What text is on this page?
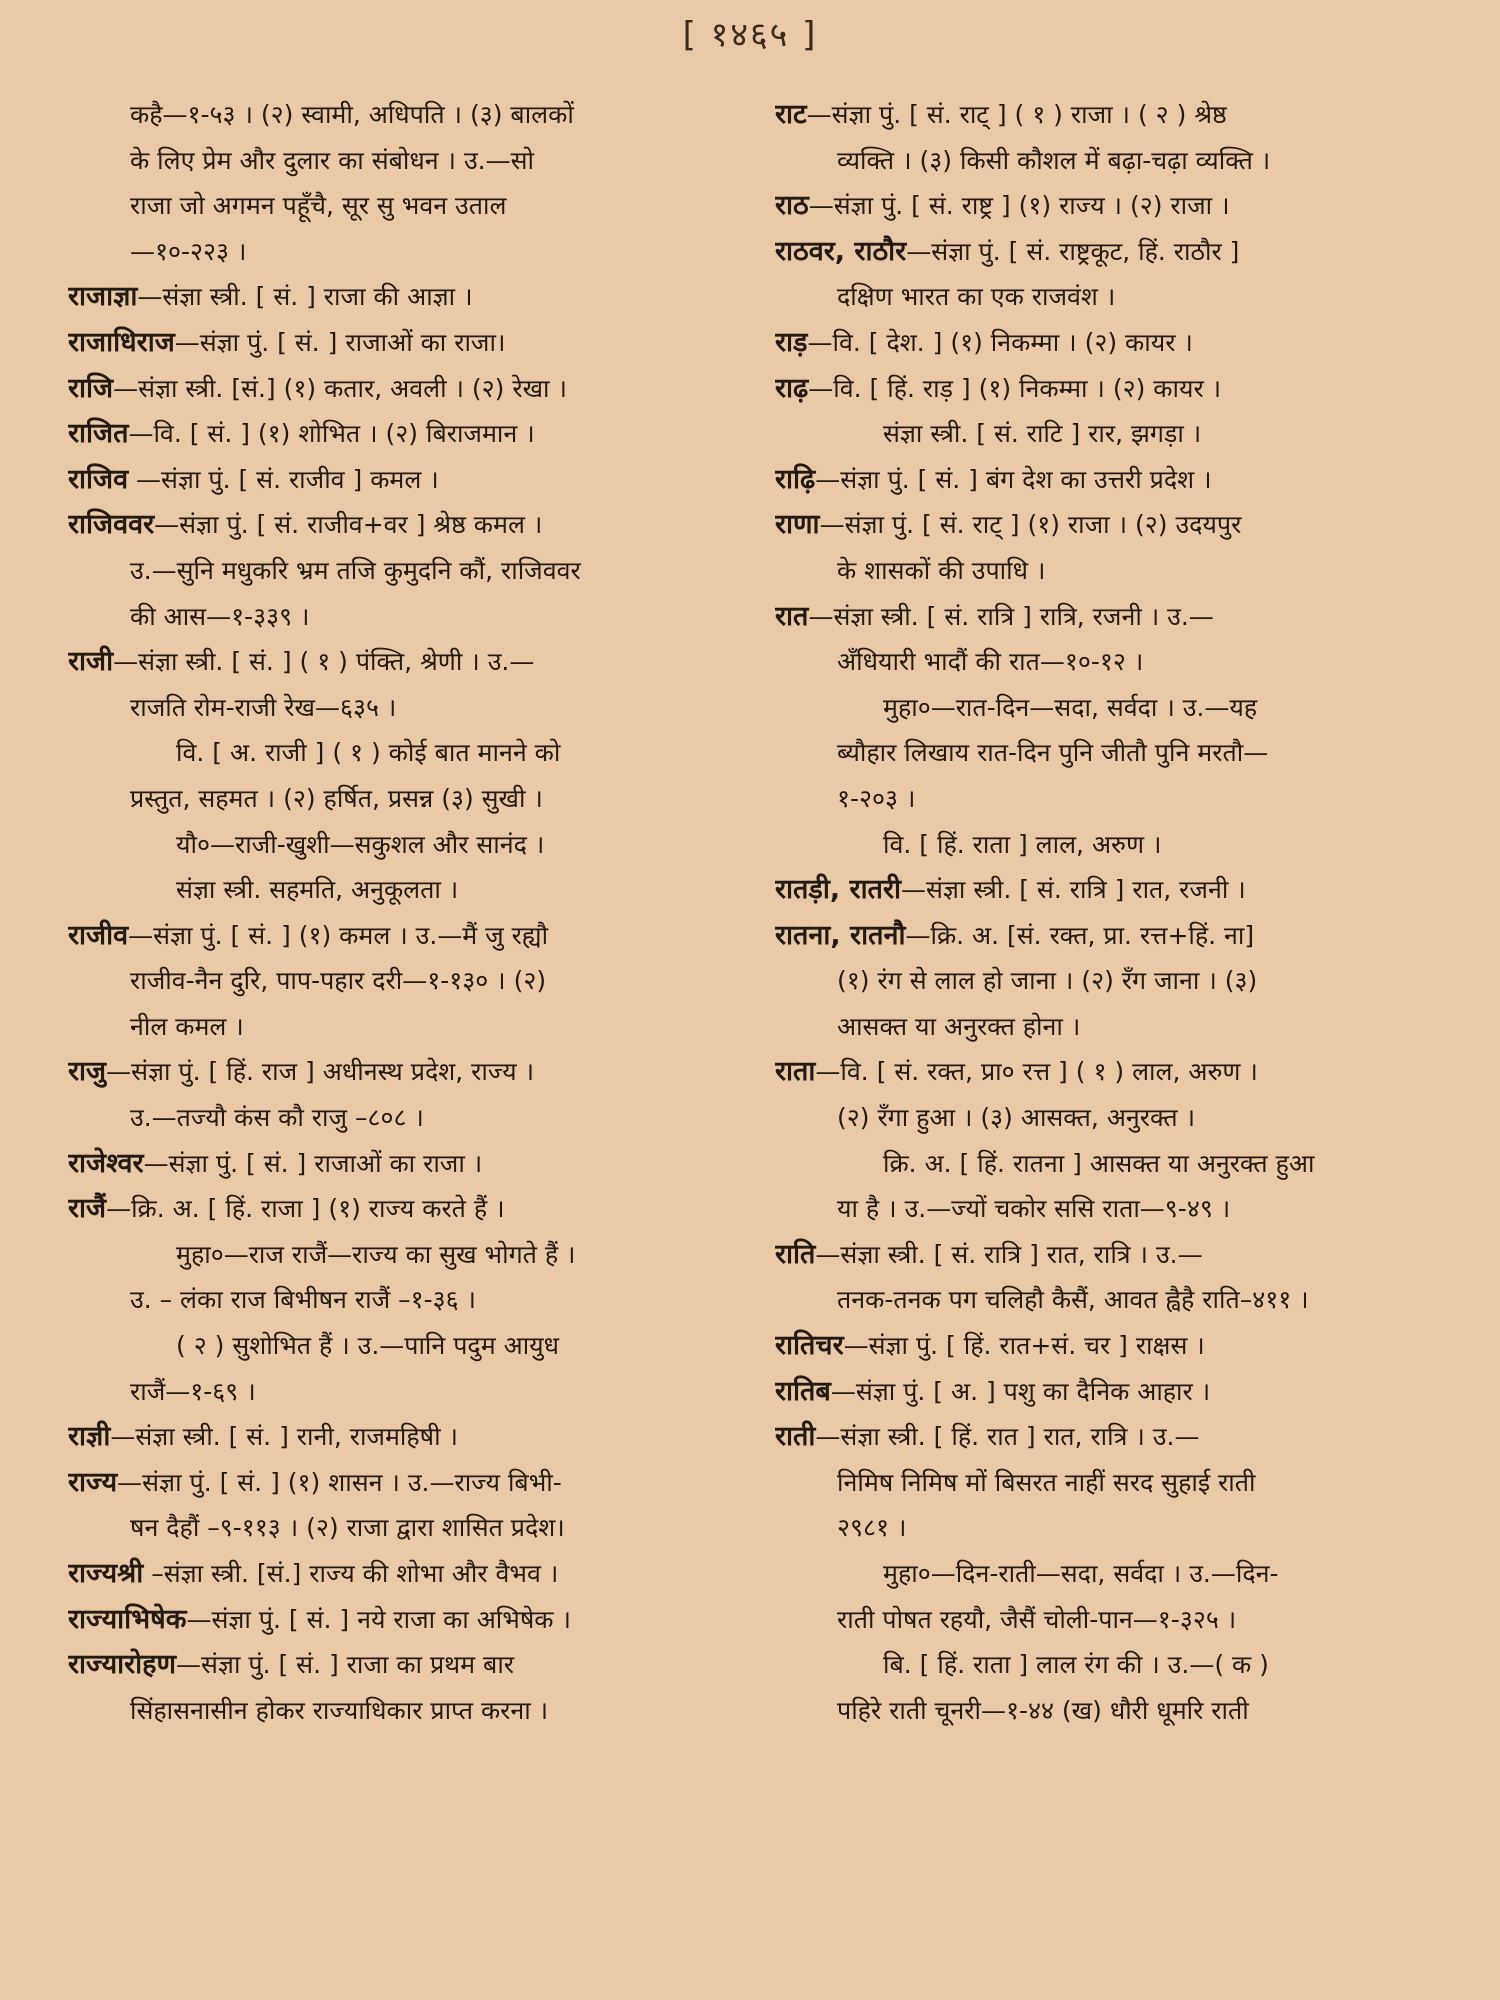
[ १४६५ ]
कहै—१-५३ । (२) स्वामी, अधिपति । (३) बालकों
के लिए प्रेम और दुलार का संबोधन । उ.—सो
राजा जो अगमन पहूँचै, सूर सु भवन उताल
—१०-२२३ ।
राजाज्ञा—संज्ञा स्त्री. [ सं. ] राजा की आज्ञा ।
राजाधिराज—संज्ञा पुं. [ सं. ] राजाओं का राजा।
राजि—संज्ञा स्त्री. [सं.] (१) कतार, अवली । (२) रेखा ।
राजित—वि. [ सं. ] (१) शोभित । (२) बिराजमान ।
राजिव —संज्ञा पुं. [ सं. राजीव ] कमल ।
राजिववर—संज्ञा पुं. [ सं. राजीव+वर ] श्रेष्ठ कमल ।
उ.—सुनि मधुकरि भ्रम तजि कुमुदनि कौं, राजिववर
की आस—१-३३९ ।
राजी—संज्ञा स्त्री. [ सं. ] ( १ ) पंक्ति, श्रेणी । उ.—
राजति रोम-राजी रेख—६३५ ।
वि. [ अ. राजी ] ( १ ) कोई बात मानने को
प्रस्तुत, सहमत । (२) हर्षित, प्रसन्न (३) सुखी ।
यौ०—राजी-खुशी—सकुशल और सानंद ।
संज्ञा स्त्री. सहमति, अनुकूलता ।
राजीव—संज्ञा पुं. [ सं. ] (१) कमल । उ.—मैं जु रह्यौ
राजीव-नैन दुरि, पाप-पहार दरी—१-१३० । (२)
नील कमल ।
राजु—संज्ञा पुं. [ हिं. राज ] अधीनस्थ प्रदेश, राज्य ।
उ.—तज्यौ कंस कौ राजु –८०८ ।
राजेश्वर—संज्ञा पुं. [ सं. ] राजाओं का राजा ।
राजैं—क्रि. अ. [ हिं. राजा ] (१) राज्य करते हैं ।
मुहा०—राज राजैं—राज्य का सुख भोगते हैं ।
उ. – लंका राज बिभीषन राजैं –१-३६ ।
( २ ) सुशोभित हैं । उ.—पानि पदुम आयुध
राजैं—१-६९ ।
राज्ञी—संज्ञा स्त्री. [ सं. ] रानी, राजमहिषी ।
राज्य—संज्ञा पुं. [ सं. ] (१) शासन । उ.—राज्य बिभी-
षन दैहौं –९-११३ । (२) राजा द्वारा शासित प्रदेश।
राज्यश्री –संज्ञा स्त्री. [सं.] राज्य की शोभा और वैभव ।
राज्याभिषेक—संज्ञा पुं. [ सं. ] नये राजा का अभिषेक ।
राज्यारोहण—संज्ञा पुं. [ सं. ] राजा का प्रथम बार
सिंहासनासीन होकर राज्याधिकार प्राप्त करना ।
राट—संज्ञा पुं. [ सं. राट् ] ( १ ) राजा । ( २ ) श्रेष्ठ
व्यक्ति । (३) किसी कौशल में बढ़ा-चढ़ा व्यक्ति ।
राठ—संज्ञा पुं. [ सं. राष्ट्र ] (१) राज्य । (२) राजा ।
राठवर, राठौर—संज्ञा पुं. [ सं. राष्ट्रकूट, हिं. राठौर ]
दक्षिण भारत का एक राजवंश ।
राड़—वि. [ देश. ] (१) निकम्मा । (२) कायर ।
राढ़—वि. [ हिं. राड़ ] (१) निकम्मा । (२) कायर ।
संज्ञा स्त्री. [ सं. राटि ] रार, झगड़ा ।
राढ़ि—संज्ञा पुं. [ सं. ] बंग देश का उत्तरी प्रदेश ।
राणा—संज्ञा पुं. [ सं. राट् ] (१) राजा । (२) उदयपुर
के शासकों की उपाधि ।
रात—संज्ञा स्त्री. [ सं. रात्रि ] रात्रि, रजनी । उ.—
अँधियारी भादौं की रात—१०-१२ ।
मुहा०—रात-दिन—सदा, सर्वदा । उ.—यह
ब्यौहार लिखाय रात-दिन पुनि जीतौ पुनि मरतौ—
१-२०३ ।
वि. [ हिं. राता ] लाल, अरुण ।
रातड़ी, रातरी—संज्ञा स्त्री. [ सं. रात्रि ] रात, रजनी ।
रातना, रातनौ—क्रि. अ. [सं. रक्त, प्रा. रत्त+हिं. ना]
(१) रंग से लाल हो जाना । (२) रँग जाना । (३)
आसक्त या अनुरक्त होना ।
राता—वि. [ सं. रक्त, प्रा० रत्त ] ( १ ) लाल, अरुण ।
(२) रँगा हुआ । (३) आसक्त, अनुरक्त ।
क्रि. अ. [ हिं. रातना ] आसक्त या अनुरक्त हुआ
या है । उ.—ज्यों चकोर ससि राता—९-४९ ।
राति—संज्ञा स्त्री. [ सं. रात्रि ] रात, रात्रि । उ.—
तनक-तनक पग चलिहौ कैसैं, आवत ह्वैहै राति–४११ ।
रातिचर—संज्ञा पुं. [ हिं. रात+सं. चर ] राक्षस ।
रातिब—संज्ञा पुं. [ अ. ] पशु का दैनिक आहार ।
राती—संज्ञा स्त्री. [ हिं. रात ] रात, रात्रि । उ.—
निमिष निमिष मों बिसरत नाहीं सरद सुहाई राती
२९८१ ।
मुहा०—दिन-राती—सदा, सर्वदा । उ.—दिन-
राती पोषत रहयौ, जैसैं चोली-पान—१-३२५ ।
बि. [ हिं. राता ] लाल रंग की । उ.—( क )
पहिरे राती चूनरी—१-४४ (ख) धौरी धूमरि राती
